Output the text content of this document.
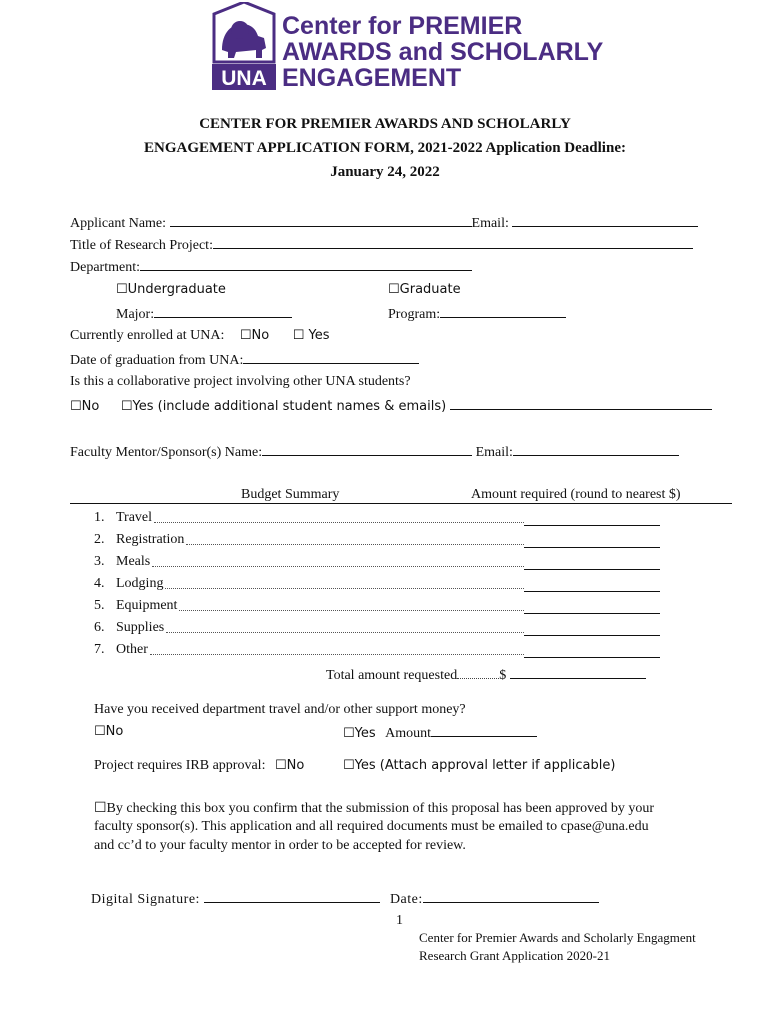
UNA
Center for PREMIER
AWARDS and SCHOLARLY
ENGAGEMENT
CENTER FOR PREMIER AWARDS AND SCHOLARLY
ENGAGEMENT APPLICATION FORM, 2021-2022 Application Deadline:
January 24, 2022
Applicant Name:	Email:
Title of Research Project:
Department:
☐Undergraduate	☐Graduate
Major:	Program:
Currently enrolled at UNA: ☐No ☐ Yes
Date of graduation from UNA:
Is this a collaborative project involving other UNA students?
☐No ☐Yes (include additional student names & emails)
Faculty Mentor/Sponsor(s) Name:	Email:
Budget Summary	Amount required (round to nearest $)
1. Travel
2. Registration
3. Meals
4. Lodging
5. Equipment
6. Supplies
7. Other
Total amount requested	$
Have you received department travel and/or other support money?
☐No	☐Yes Amount
Project requires IRB approval: ☐No	☐Yes (Attach approval letter if applicable)
☐By checking this box you confirm that the submission of this proposal has been approved by your
faculty sponsor(s). This application and all required documents must be emailed to cpase@una.edu
and cc’d to your faculty mentor in order to be accepted for review.
Digital Signature:	Date:
1
Center for Premier Awards and Scholarly Engagment
Research Grant Application 2020-21
